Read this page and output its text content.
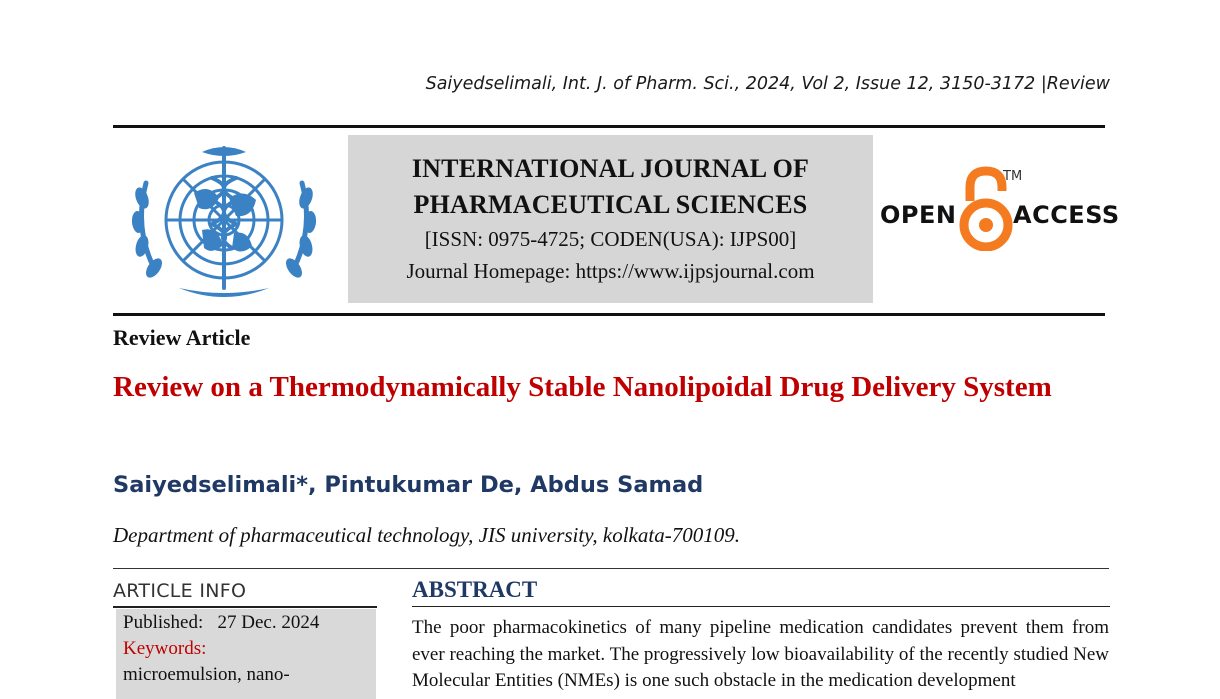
Saiyedselimali, Int. J. of Pharm. Sci., 2024, Vol 2, Issue 12, 3150-3172 |Review
INTERNATIONAL JOURNAL OF
PHARMACEUTICAL SCIENCES
[ISSN: 0975-4725; CODEN(USA): IJPS00]
Journal Homepage: https://www.ijpsjournal.com
OPEN
TM
ACCESS
Review Article
Review on a Thermodynamically Stable Nanolipoidal Drug Delivery System
Saiyedselimali*, Pintukumar De, Abdus Samad
Department of pharmaceutical technology, JIS university, kolkata-700109.
ARTICLE INFO
Published:   27 Dec. 2024
Keywords:
microemulsion, nano-
ABSTRACT
The poor pharmacokinetics of many pipeline medication candidates prevent them from ever reaching the market. The progressively low bioavailability of the recently studied New Molecular Entities (NMEs) is one such obstacle in the medication development
